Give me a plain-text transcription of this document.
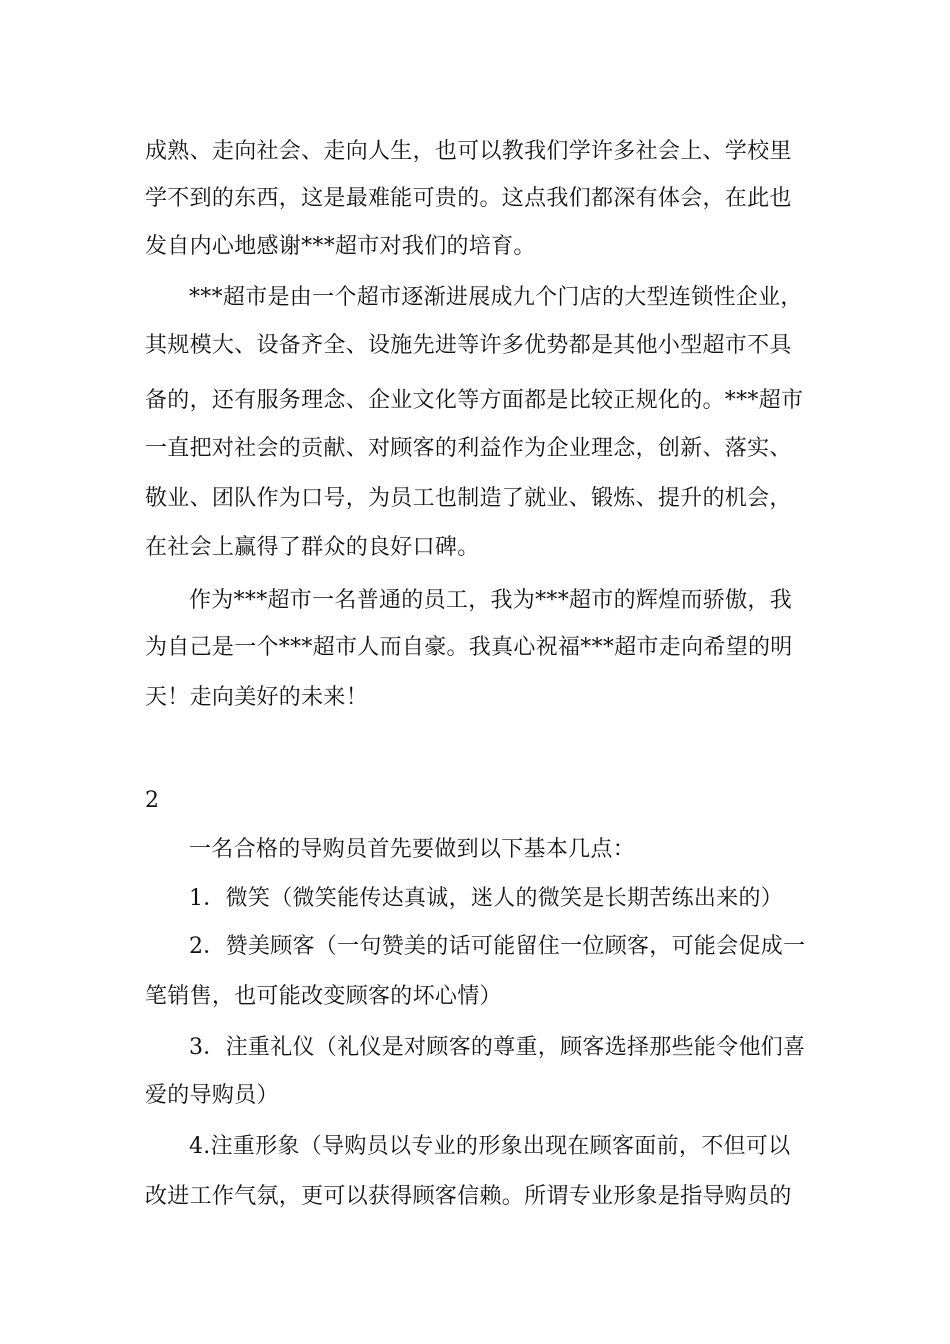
成熟、走向社会、走向人生，也可以教我们学许多社会上、学校里
学不到的东西，这是最难能可贵的。这点我们都深有体会，在此也
发自内心地感谢***超市对我们的培育。
***超市是由一个超市逐渐进展成九个门店的大型连锁性企业，
其规模大、设备齐全、设施先进等许多优势都是其他小型超市不具
备的，还有服务理念、企业文化等方面都是比较正规化的。***超市
一直把对社会的贡献、对顾客的利益作为企业理念，创新、落实、
敬业、团队作为口号，为员工也制造了就业、锻炼、提升的机会，
在社会上赢得了群众的良好口碑。
作为***超市一名普通的员工，我为***超市的辉煌而骄傲，我
为自己是一个***超市人而自豪。我真心祝福***超市走向希望的明
天！走向美好的未来！
2
一名合格的导购员首先要做到以下基本几点：
1．微笑（微笑能传达真诚，迷人的微笑是长期苦练出来的）
2．赞美顾客（一句赞美的话可能留住一位顾客，可能会促成一
笔销售，也可能改变顾客的坏心情）
3．注重礼仪（礼仪是对顾客的尊重，顾客选择那些能令他们喜
爱的导购员）
4.注重形象（导购员以专业的形象出现在顾客面前，不但可以
改进工作气氛，更可以获得顾客信赖。所谓专业形象是指导购员的
